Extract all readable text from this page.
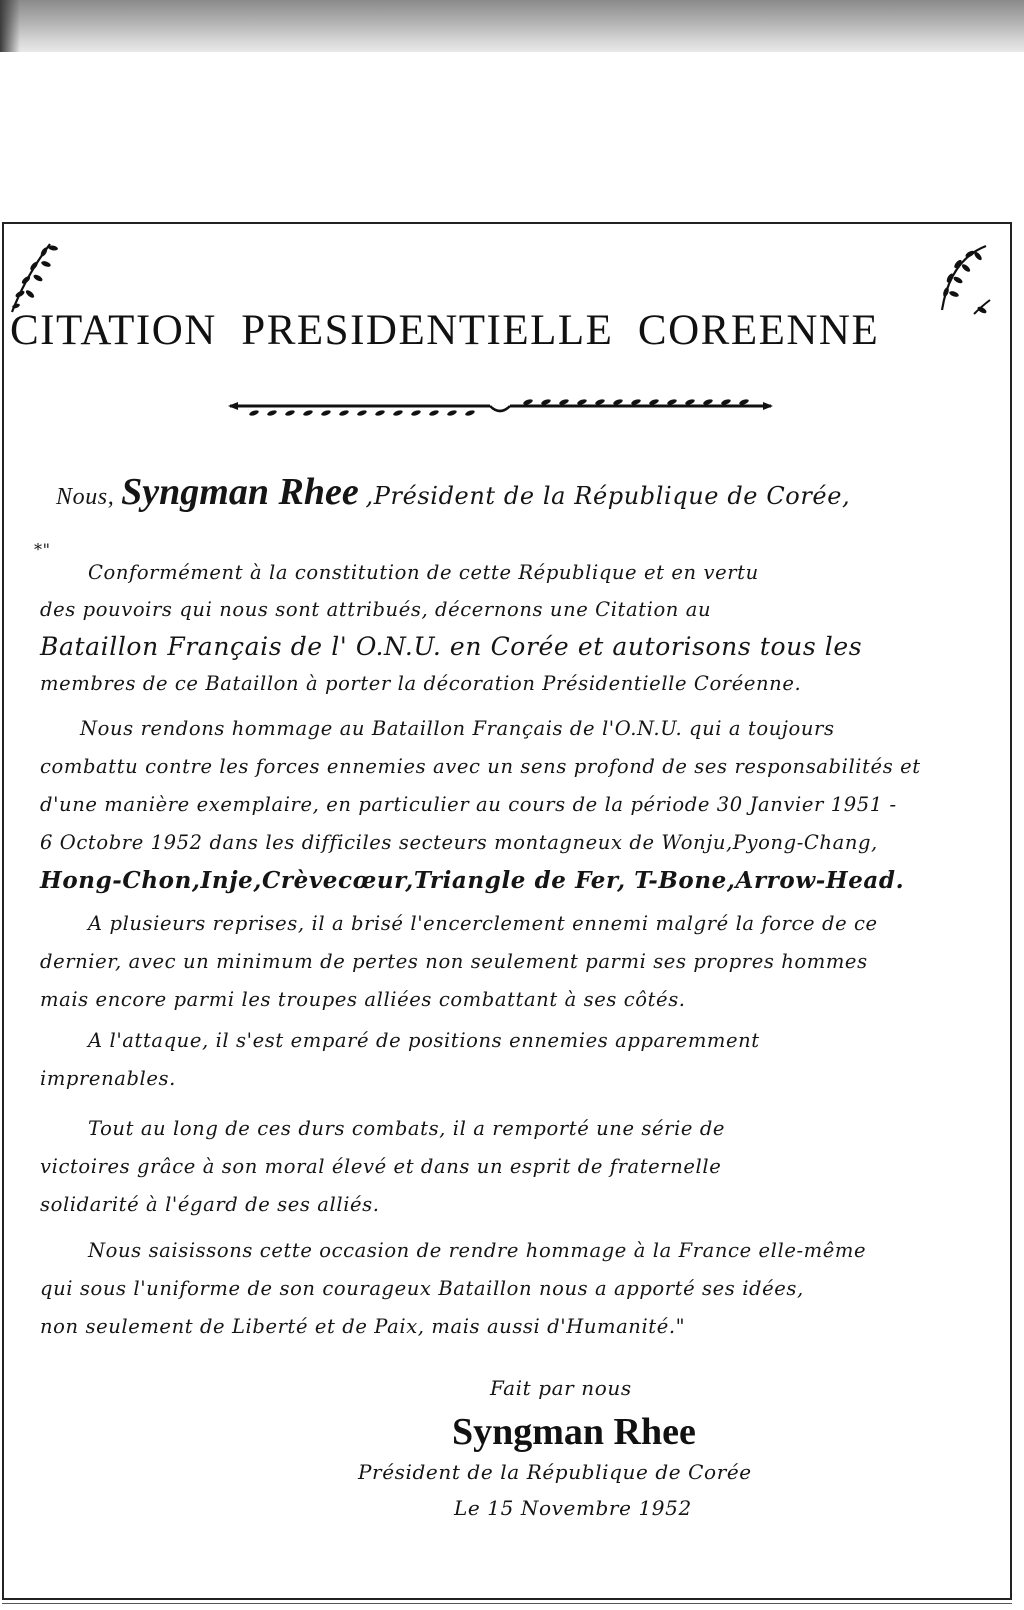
CITATION  PRESIDENTIELLE  COREENNE

Nous, Syngman Rhee ,Président de la République de Corée,

*"
Conformément à la constitution de cette République et en vertu
des pouvoirs qui nous sont attribués, décernons une Citation au
Bataillon Français de l' O.N.U. en Corée et autorisons tous les
membres de ce Bataillon à porter la décoration Présidentielle Coréenne.
Nous rendons hommage au Bataillon Français de l'O.N.U. qui a toujours
combattu contre les forces ennemies avec un sens profond de ses responsabilités et
d'une manière exemplaire, en particulier au cours de la période 30 Janvier 1951 -
6 Octobre 1952 dans les difficiles secteurs montagneux de Wonju,Pyong-Chang,
Hong-Chon,Inje,Crèvecœur,Triangle de Fer, T-Bone,Arrow-Head.
A plusieurs reprises, il a brisé l'encerclement ennemi malgré la force de ce
dernier, avec un minimum de pertes non seulement parmi ses propres hommes
mais encore parmi les troupes alliées combattant à ses côtés.
A l'attaque, il s'est emparé de positions ennemies apparemment
imprenables.
Tout au long de ces durs combats, il a remporté une série de
victoires grâce à son moral élevé et dans un esprit de fraternelle
solidarité à l'égard de ses alliés.
Nous saisissons cette occasion de rendre hommage à la France elle-même
qui sous l'uniforme de son courageux Bataillon nous a apporté ses idées,
non seulement de Liberté et de Paix, mais aussi d'Humanité."
Fait par nous
Syngman Rhee
Président de la République de Corée
Le 15 Novembre 1952
